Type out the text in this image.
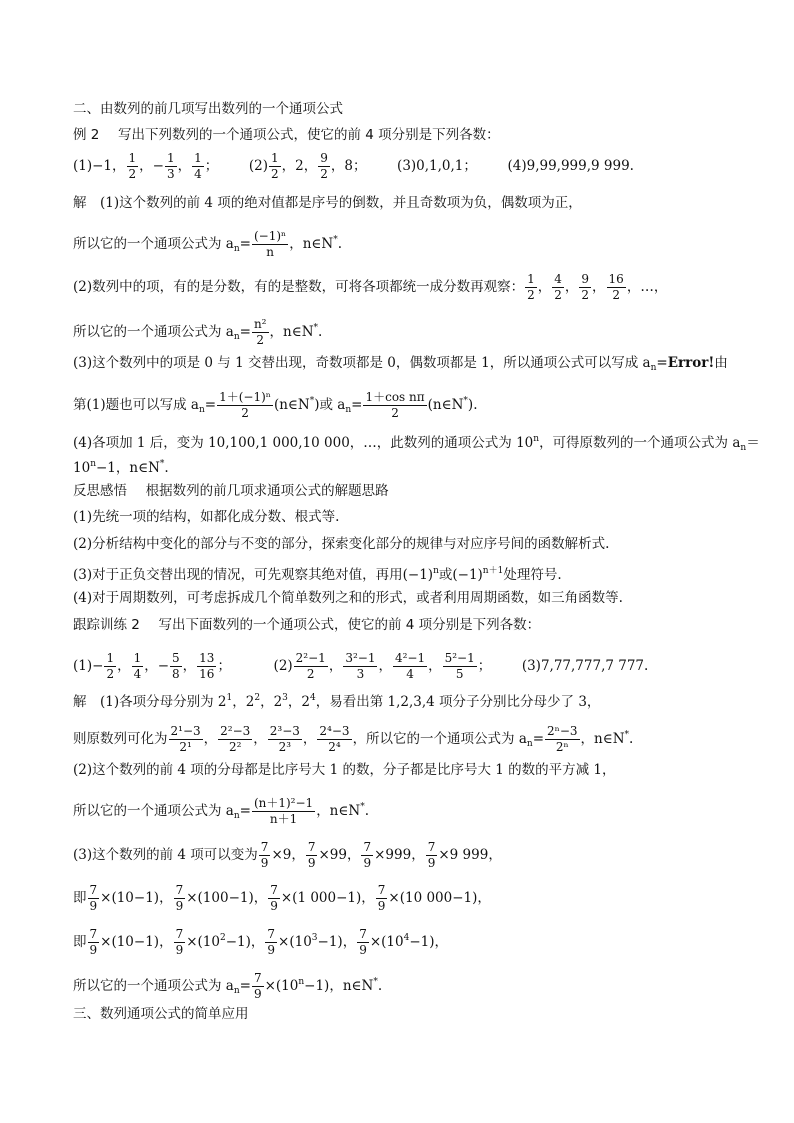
二、由数列的前几项写出数列的一个通项公式
例 2 写出下列数列的一个通项公式，使它的前 4 项分别是下列各数：
(1)−1， $\frac{1}{2}$ ，− $\frac{1}{3}$ ， $\frac{1}{4}$ ； $(2) \frac{1}{2}$ ，2， $\frac{9}{2}$ ，8； (3)0,1,0,1； (4)9,99,999,9 999.
解　(1)这个数列的前 4 项的绝对值都是序号的倒数，并且奇数项为负，偶数项为正，
所以它的一个通项公式为 $a_n= \frac{\text{(−1)ⁿ}}{n}$ ，n∈N*.
(2)数列中的项，有的是分数，有的是整数，可将各项都统一成分数再观察： $\frac{1}{2}$ ， $\frac{4}{2}$ ， $\frac{9}{2}$ ， $\frac{16}{2}$ ，…，
所以它的一个通项公式为 $a_n= \frac{\text{n²}}{2}$ ，n∈N*.
(3)这个数列中的项是 0 与 1 交替出现，奇数项都是 0，偶数项都是 1，所以通项公式可以写成 $a_n=Error$!由
第(1)题也可以写成 $a_n= \frac{\text{1＋(−1)ⁿ}}{2}$ (n∈N*)或 $a_n= \frac{\text{1＋cos nπ}}{2}$ (n∈N*).
(4)各项加 1 后，变为 10,100,1 000,10 000，…，此数列的通项公式为 10$^n$，可得原数列的一个通项公式为 $a_n=$
$10^n-1$，n∈N*.
反思感悟 根据数列的前几项求通项公式的解题思路
(1)先统一项的结构，如都化成分数、根式等.
(2)分析结构中变化的部分与不变的部分，探索变化部分的规律与对应序号间的函数解析式.
(3)对于正负交替出现的情况，可先观察其绝对值，再用$(-1)^n$或$(-1)^{n+1}$处理符号.
(4)对于周期数列，可考虑拆成几个简单数列之和的形式，或者利用周期函数，如三角函数等.
跟踪训练 2 写出下面数列的一个通项公式，使它的前 4 项分别是下列各数：
$(1)- \frac{1}{2}$ ， $\frac{1}{4}$ ，− $\frac{5}{8}$ ， $\frac{13}{16}$ ；	$(2) \frac{\text{2²−1}}{2}$ ， $\frac{\text{3²−1}}{3}$ ， $\frac{\text{4²−1}}{4}$ ， $\frac{\text{5²−1}}{5}$ ； (3)7,77,777,7 777.
解　(1)各项分母分别为 $2^1$，$2^2$，$2^3$，$2^4$，易看出第 1,2,3,4 项分子分别比分母少了 3，
则原数列可化为 $\frac{\text{2¹−3}}{\text{2¹}}$ ， $\frac{\text{2²−3}}{\text{2²}}$ ， $\frac{\text{2³−3}}{\text{2³}}$ ， $\frac{\text{2⁴−3}}{\text{2⁴}}$ ，所以它的一个通项公式为 $a_n= \frac{\text{2ⁿ−3}}{\text{2ⁿ}}$ ，n∈N*.
(2)这个数列的前 4 项的分母都是比序号大 1 的数，分子都是比序号大 1 的数的平方减 1，
所以它的一个通项公式为 $a_n= \frac{\text{(n＋1)²−1}}{n+1}$ ，n∈N*.
(3)这个数列的前 4 项可以变为 $\frac{7}{9} \times 9$， $\frac{7}{9} \times 99$， $\frac{7}{9} \times 999$， $\frac{7}{9} \times 9$ 999，
即 $\frac{7}{9} \times(10-1)$， $\frac{7}{9} \times(100-1)$， $\frac{7}{9} \times(1$ 000−1)， $\frac{7}{9} \times(10$ 000−1)，
即 $\frac{7}{9} \times(10-1)$， $\frac{7}{9} \times(10^2-1)$， $\frac{7}{9} \times(10^3-1)$， $\frac{7}{9} \times(10^4-1)$，
所以它的一个通项公式为 $a_n= \frac{7}{9} \times(10^n-1)$，n∈N*.
三、数列通项公式的简单应用
